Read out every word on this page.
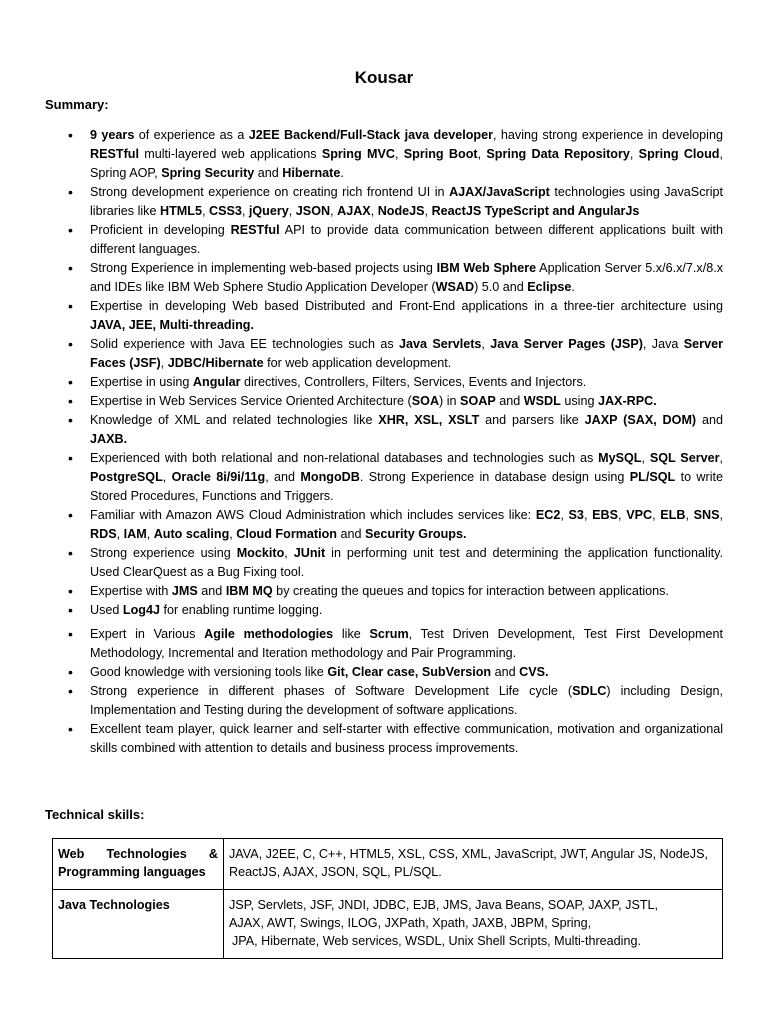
Kousar
Summary:
• 9 years of experience as a J2EE Backend/Full-Stack java developer, having strong experience in developing RESTful multi-layered web applications Spring MVC, Spring Boot, Spring Data Repository, Spring Cloud, Spring AOP, Spring Security and Hibernate.
• Strong development experience on creating rich frontend UI in AJAX/JavaScript technologies using JavaScript libraries like HTML5, CSS3, jQuery, JSON, AJAX, NodeJS, ReactJS TypeScript and AngularJs
• Proficient in developing RESTful API to provide data communication between different applications built with different languages.
• Strong Experience in implementing web-based projects using IBM Web Sphere Application Server 5.x/6.x/7.x/8.x and IDEs like IBM Web Sphere Studio Application Developer (WSAD) 5.0 and Eclipse.
• Expertise in developing Web based Distributed and Front-End applications in a three-tier architecture using JAVA, JEE, Multi-threading.
• Solid experience with Java EE technologies such as Java Servlets, Java Server Pages (JSP), Java Server Faces (JSF), JDBC/Hibernate for web application development.
• Expertise in using Angular directives, Controllers, Filters, Services, Events and Injectors.
• Expertise in Web Services Service Oriented Architecture (SOA) in SOAP and WSDL using JAX-RPC.
• Knowledge of XML and related technologies like XHR, XSL, XSLT and parsers like JAXP (SAX, DOM) and JAXB.
• Experienced with both relational and non-relational databases and technologies such as MySQL, SQL Server, PostgreSQL, Oracle 8i/9i/11g, and MongoDB. Strong Experience in database design using PL/SQL to write Stored Procedures, Functions and Triggers.
• Familiar with Amazon AWS Cloud Administration which includes services like: EC2, S3, EBS, VPC, ELB, SNS, RDS, IAM, Auto scaling, Cloud Formation and Security Groups.
• Strong experience using Mockito, JUnit in performing unit test and determining the application functionality. Used ClearQuest as a Bug Fixing tool.
• Expertise with JMS and IBM MQ by creating the queues and topics for interaction between applications.
• Used Log4J for enabling runtime logging.
• Expert in Various Agile methodologies like Scrum, Test Driven Development, Test First Development Methodology, Incremental and Iteration methodology and Pair Programming.
• Good knowledge with versioning tools like Git, Clear case, SubVersion and CVS.
• Strong experience in different phases of Software Development Life cycle (SDLC) including Design, Implementation and Testing during the development of software applications.
• Excellent team player, quick learner and self-starter with effective communication, motivation and organizational skills combined with attention to details and business process improvements.
Technical skills:
Web Technologies & Programming languages	JAVA, J2EE, C, C++, HTML5, XSL, CSS, XML, JavaScript, JWT, Angular JS, NodeJS,
ReactJS, AJAX, JSON, SQL, PL/SQL.

Java Technologies	JSP, Servlets, JSF, JNDI, JDBC, EJB, JMS, Java Beans, SOAP, JAXP, JSTL,
AJAX, AWT, Swings, ILOG, JXPath, Xpath, JAXB, JBPM, Spring,
JPA, Hibernate, Web services, WSDL, Unix Shell Scripts, Multi-threading.
